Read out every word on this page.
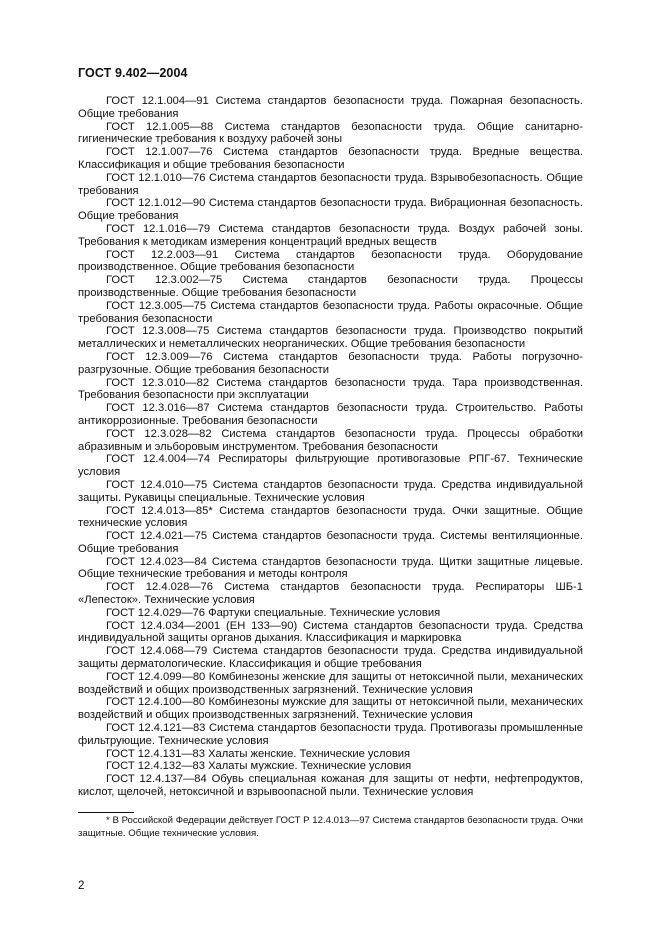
ГОСТ 9.402—2004

ГОСТ 12.1.004—91 Система стандартов безопасности труда. Пожарная безопасность. Общие требования

ГОСТ 12.1.005—88 Система стандартов безопасности труда. Общие санитарно-гигиенические требования к воздуху рабочей зоны

ГОСТ 12.1.007—76 Система стандартов безопасности труда. Вредные вещества. Классификация и общие требования безопасности

ГОСТ 12.1.010—76 Система стандартов безопасности труда. Взрывобезопасность. Общие требования

ГОСТ 12.1.012—90 Система стандартов безопасности труда. Вибрационная безопасность. Общие требования

ГОСТ 12.1.016—79 Система стандартов безопасности труда. Воздух рабочей зоны. Требования к методикам измерения концентраций вредных веществ

ГОСТ 12.2.003—91 Система стандартов безопасности труда. Оборудование производственное. Общие требования безопасности

ГОСТ 12.3.002—75 Система стандартов безопасности труда. Процессы производственные. Общие требования безопасности

ГОСТ 12.3.005—75 Система стандартов безопасности труда. Работы окрасочные. Общие требования безопасности

ГОСТ 12.3.008—75 Система стандартов безопасности труда. Производство покрытий металлических и неметаллических неорганических. Общие требования безопасности

ГОСТ 12.3.009—76 Система стандартов безопасности труда. Работы погрузочно-разгрузочные. Общие требования безопасности

ГОСТ 12.3.010—82 Система стандартов безопасности труда. Тара производственная. Требования безопасности при эксплуатации

ГОСТ 12.3.016—87 Система стандартов безопасности труда. Строительство. Работы антикоррозионные. Требования безопасности

ГОСТ 12.3.028—82 Система стандартов безопасности труда. Процессы обработки абразивным и эльборовым инструментом. Требования безопасности

ГОСТ 12.4.004—74 Респираторы фильтрующие противогазовые РПГ-67. Технические условия

ГОСТ 12.4.010—75 Система стандартов безопасности труда. Средства индивидуальной защиты. Рукавицы специальные. Технические условия

ГОСТ 12.4.013—85* Система стандартов безопасности труда. Очки защитные. Общие технические условия

ГОСТ 12.4.021—75 Система стандартов безопасности труда. Системы вентиляционные. Общие требования

ГОСТ 12.4.023—84 Система стандартов безопасности труда. Щитки защитные лицевые. Общие технические требования и методы контроля

ГОСТ 12.4.028—76 Система стандартов безопасности труда. Респираторы ШБ-1 «Лепесток». Технические условия

ГОСТ 12.4.029—76 Фартуки специальные. Технические условия

ГОСТ 12.4.034—2001 (ЕН 133—90) Система стандартов безопасности труда. Средства индивидуальной защиты органов дыхания. Классификация и маркировка

ГОСТ 12.4.068—79 Система стандартов безопасности труда. Средства индивидуальной защиты дерматологические. Классификация и общие требования

ГОСТ 12.4.099—80 Комбинезоны женские для защиты от нетоксичной пыли, механических воздействий и общих производственных загрязнений. Технические условия

ГОСТ 12.4.100—80 Комбинезоны мужские для защиты от нетоксичной пыли, механических воздействий и общих производственных загрязнений. Технические условия

ГОСТ 12.4.121—83 Система стандартов безопасности труда. Противогазы промышленные фильтрующие. Технические условия

ГОСТ 12.4.131—83 Халаты женские. Технические условия

ГОСТ 12.4.132—83 Халаты мужские. Технические условия

ГОСТ 12.4.137—84 Обувь специальная кожаная для защиты от нефти, нефтепродуктов, кислот, щелочей, нетоксичной и взрывоопасной пыли. Технические условия

* В Российской Федерации действует ГОСТ Р 12.4.013—97 Система стандартов безопасности труда. Очки защитные. Общие технические условия.

2
